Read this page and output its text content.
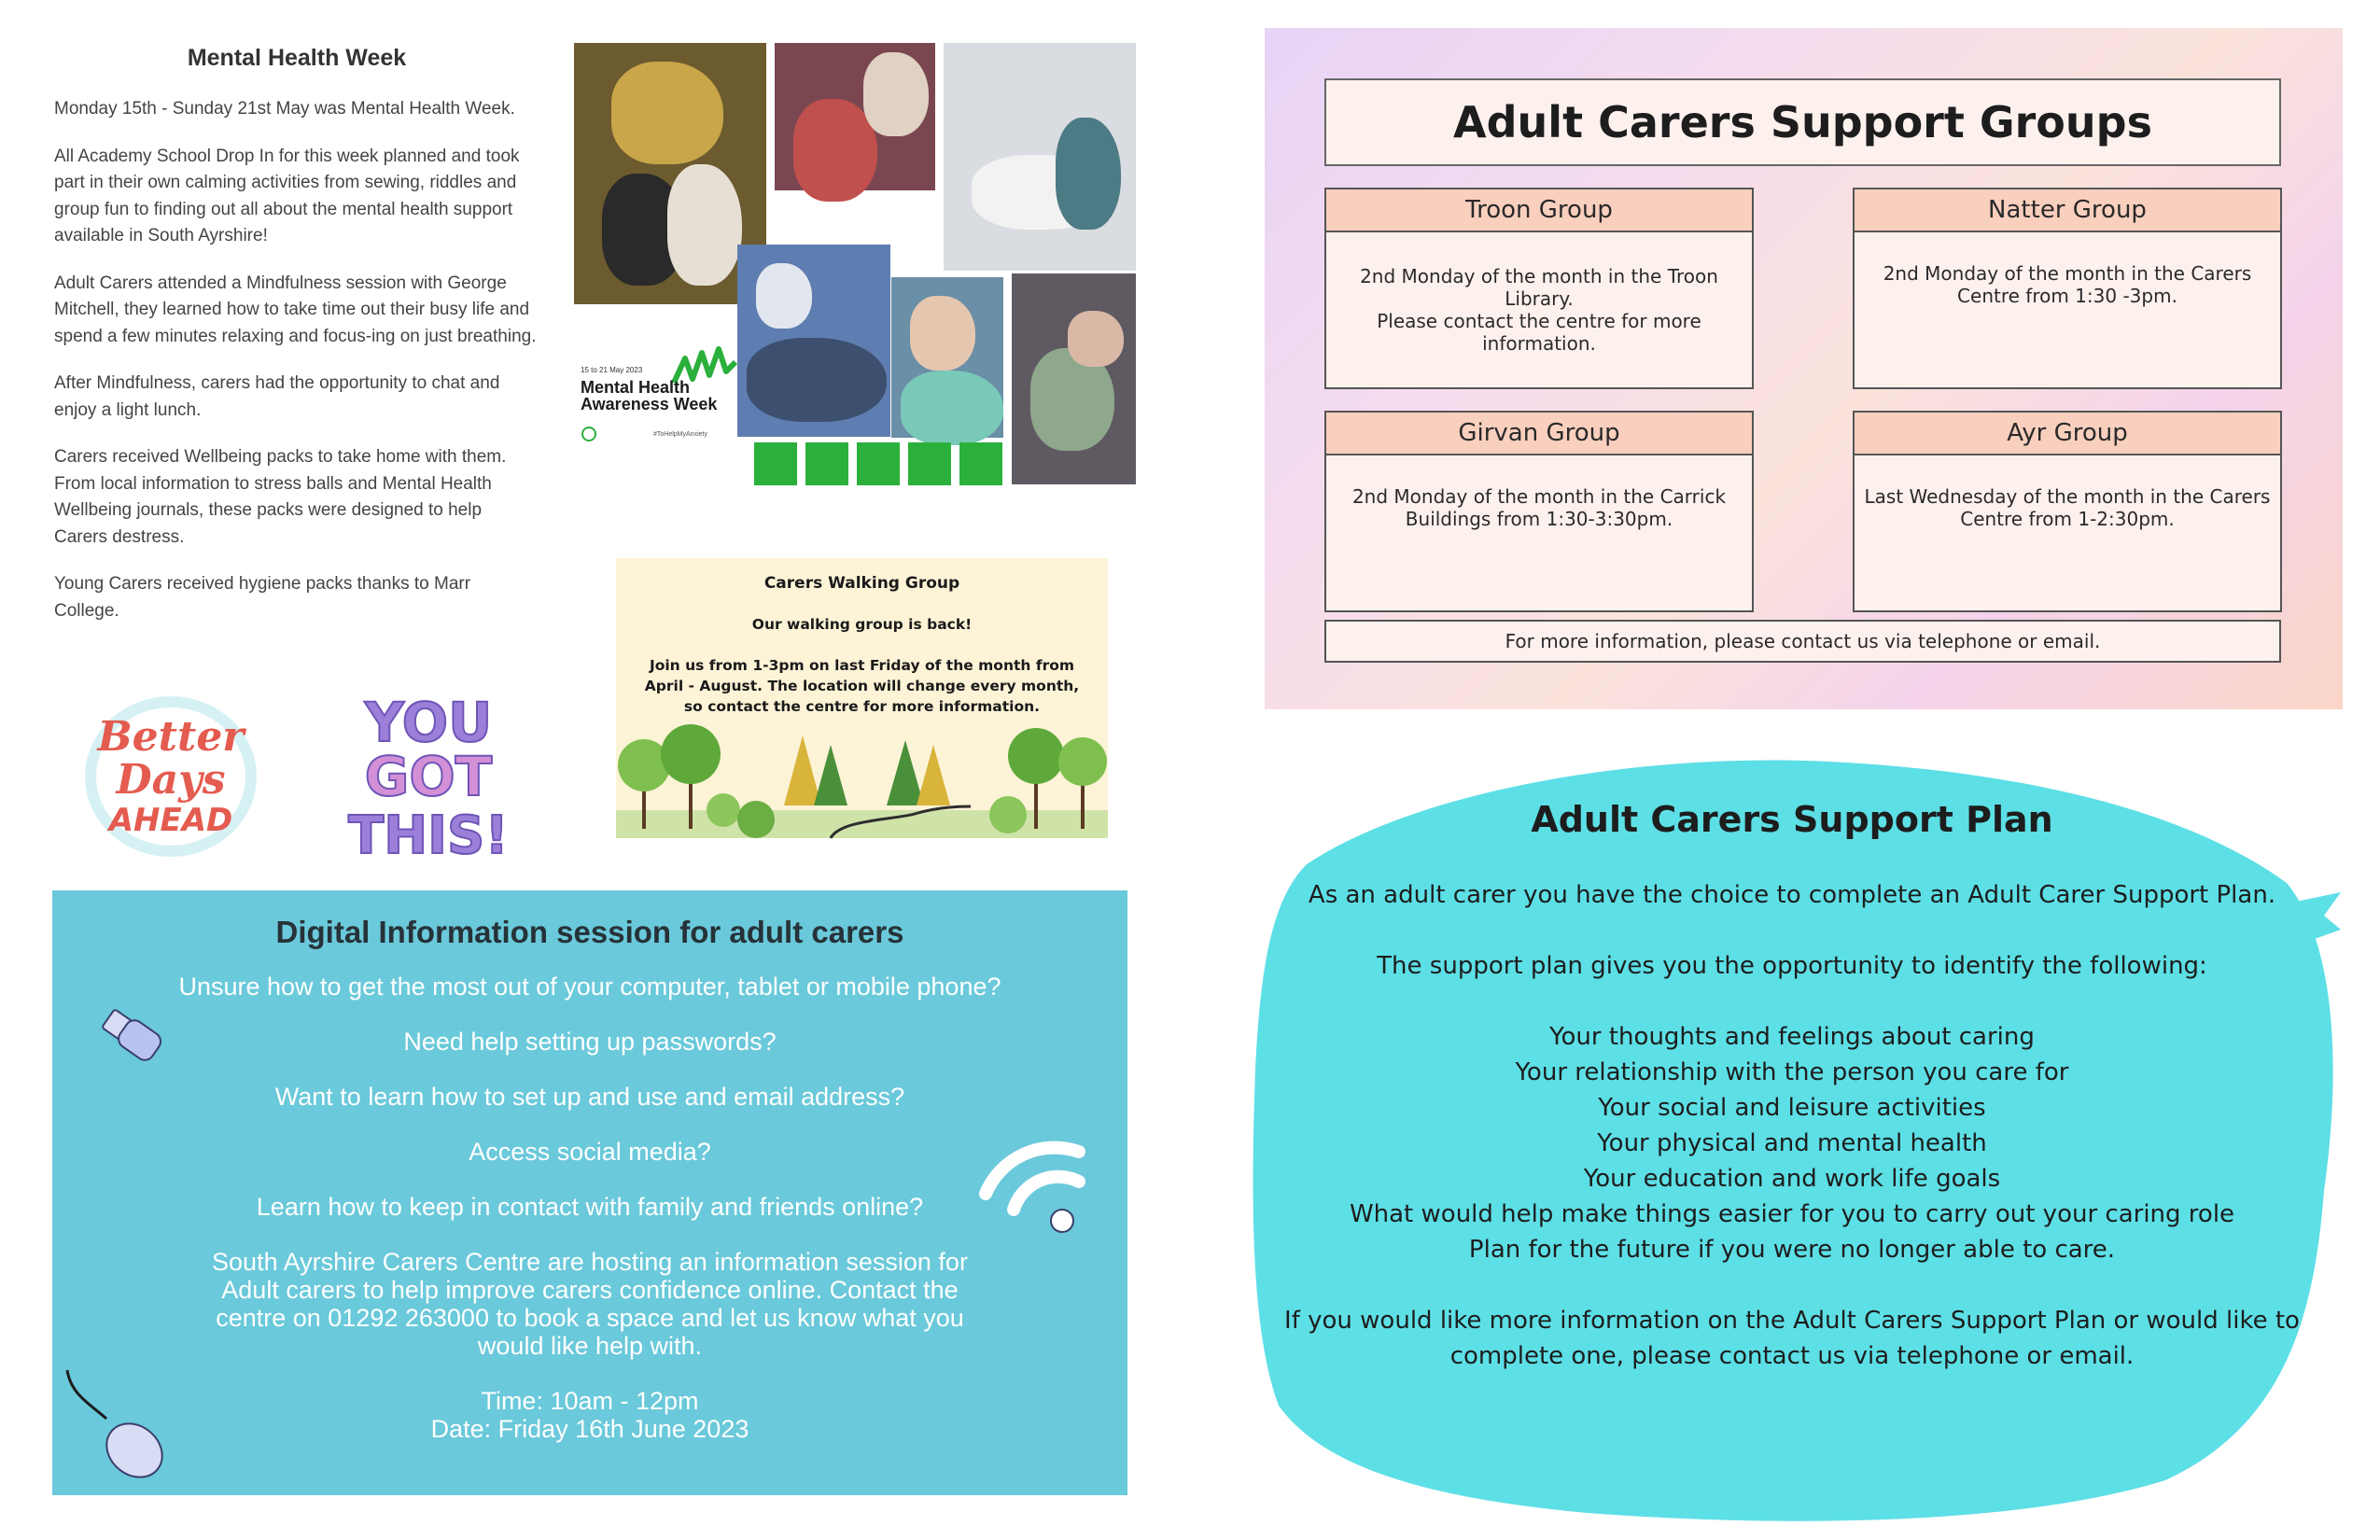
Mental Health Week

Monday 15th - Sunday 21st May was Mental Health Week.

All Academy School Drop In for this week planned and took part in their own calming activities from sewing, riddles and group fun to finding out all about the mental health support available in South Ayrshire!

Adult Carers attended a Mindfulness session with George Mitchell, they learned how to take time out their busy life and spend a few minutes relaxing and focus-ing on just breathing.

After Mindfulness, carers had the opportunity to chat and enjoy a light lunch.

Carers received Wellbeing packs to take home with them. From local information to stress balls and Mental Health Wellbeing journals, these packs were designed to help Carers destress.

Young Carers received hygiene packs thanks to Marr College.

15 to 21 May 2023
Mental Health
Awareness Week
#ToHelpMyAnxiety
Better
Days
AHEAD
YOU
GOT
THIS!
Carers Walking Group
Our walking group is back!
Join us from 1-3pm on last Friday of the month from April - August. The location will change every month, so contact the centre for more information.
Digital Information session for adult carers
Unsure how to get the most out of your computer, tablet or mobile phone?
Need help setting up passwords?
Want to learn how to set up and use and email address?
Access social media?
Learn how to keep in contact with family and friends online?
South Ayrshire Carers Centre are hosting an information session for Adult carers to help improve carers confidence online. Contact the centre on 01292 263000 to book a space and let us know what you would like help with.
Time: 10am - 12pm
Date: Friday 16th June 2023
Adult Carers Support Groups
Troon Group
2nd Monday of the month in the Troon Library.
Please contact the centre for more information.
Natter Group
2nd Monday of the month in the Carers Centre from 1:30 -3pm.
Girvan Group
2nd Monday of the month in the Carrick Buildings from 1:30-3:30pm.
Ayr Group
Last Wednesday of the month in the Carers Centre from 1-2:30pm.
For more information, please contact us via telephone or email.
Adult Carers Support Plan
As an adult carer you have the choice to complete an Adult Carer Support Plan.
The support plan gives you the opportunity to identify the following:
Your thoughts and feelings about caring
Your relationship with the person you care for
Your social and leisure activities
Your physical and mental health
Your education and work life goals
What would help make things easier for you to carry out your caring role
Plan for the future if you were no longer able to care.
If you would like more information on the Adult Carers Support Plan or would like to complete one, please contact us via telephone or email.
